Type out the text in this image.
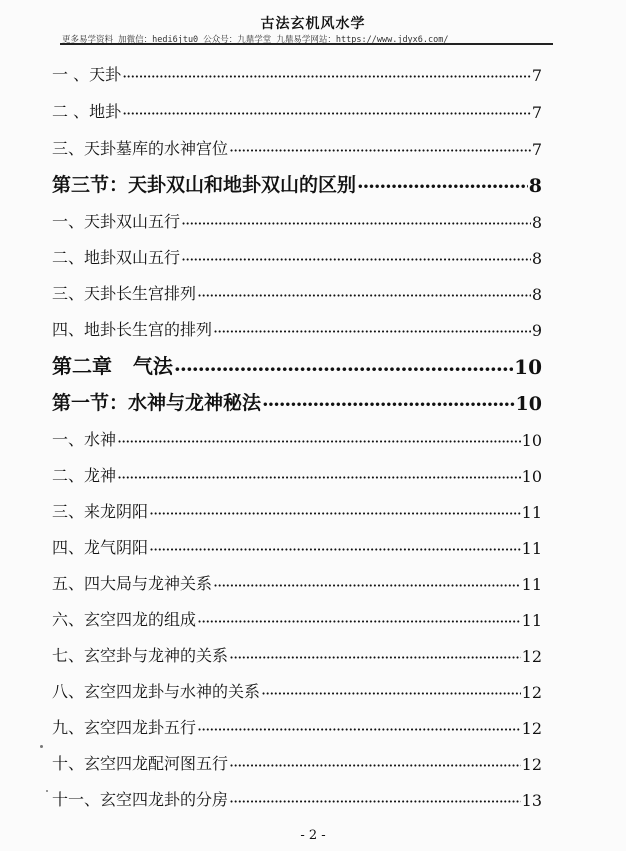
古法玄机风水学
更多易学资料 加微信：hedi6jtu0 公众号：九鼎学堂 九鼎易学网站：https://www.jdyx6.com/
一 、天卦 ·····	7
二 、地卦 ·····	7
三、天卦墓库的水神宫位 ·····	7
第三节：天卦双山和地卦双山的区别 ·····	8
一、天卦双山五行 ·····	8
二、地卦双山五行 ·····	8
三、天卦长生宫排列 ·····	8
四、地卦长生宫的排列 ·····	9
第二章   气法 ·····	10
第一节：水神与龙神秘法 ·····	10
一、水神 ·····	10
二、龙神 ·····	10
三、来龙阴阳 ·····	11
四、龙气阴阳 ·····	11
五、四大局与龙神关系 ·····	11
六、玄空四龙的组成 ·····	11
七、玄空卦与龙神的关系 ·····	12
八、玄空四龙卦与水神的关系 ·····	12
九、玄空四龙卦五行 ·····	12
十、玄空四龙配河图五行 ·····	12
十一、玄空四龙卦的分房 ·····	13
- 2 -
